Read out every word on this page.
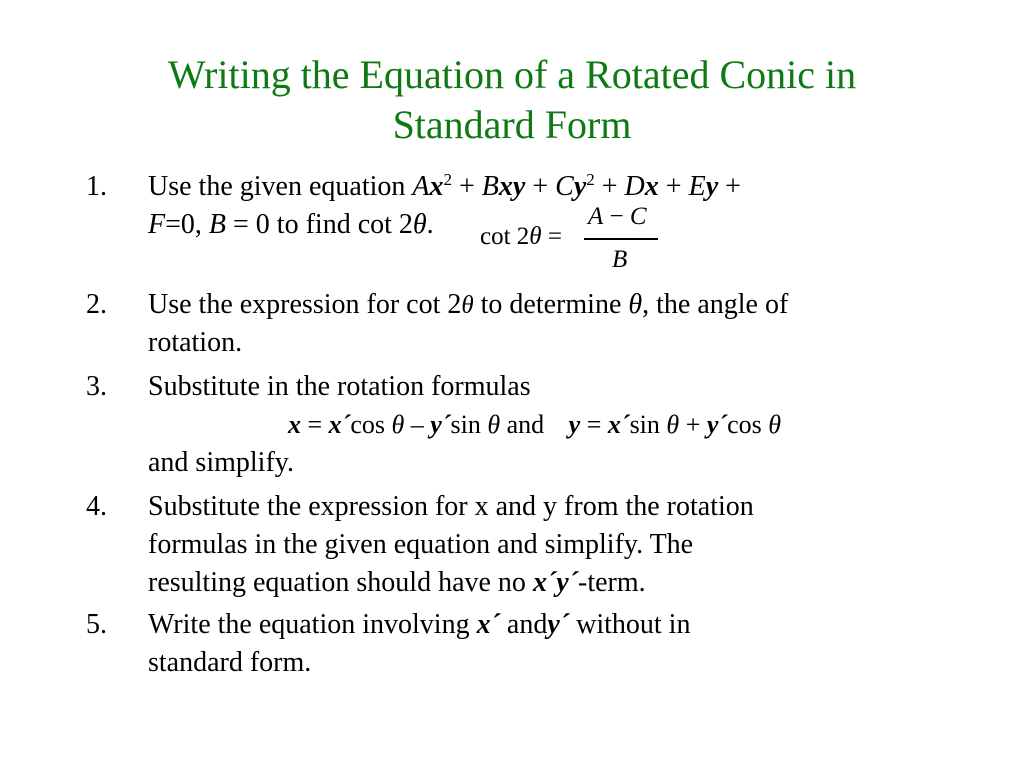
Writing the Equation of a Rotated Conic in
Standard Form
1. Use the given equation $Ax^2$ + Bxy + $Cy^2 + Dx + Ey$ +
F=0, B = 0 to find cot 2θ. cot 2θ =
A − C
B
2. Use the expression for cot 2θ to determine θ, the angle of
rotation.
3. Substitute in the rotation formulas
x = x´cos θ – y´sin θ and y = x´sin θ + y´cos θ
and simplify.
4. Substitute the expression for x and y from the rotation
formulas in the given equation and simplify. The
resulting equation should have no x´y´-term.
5. Write the equation involving x´ andy´ without in
standard form.
